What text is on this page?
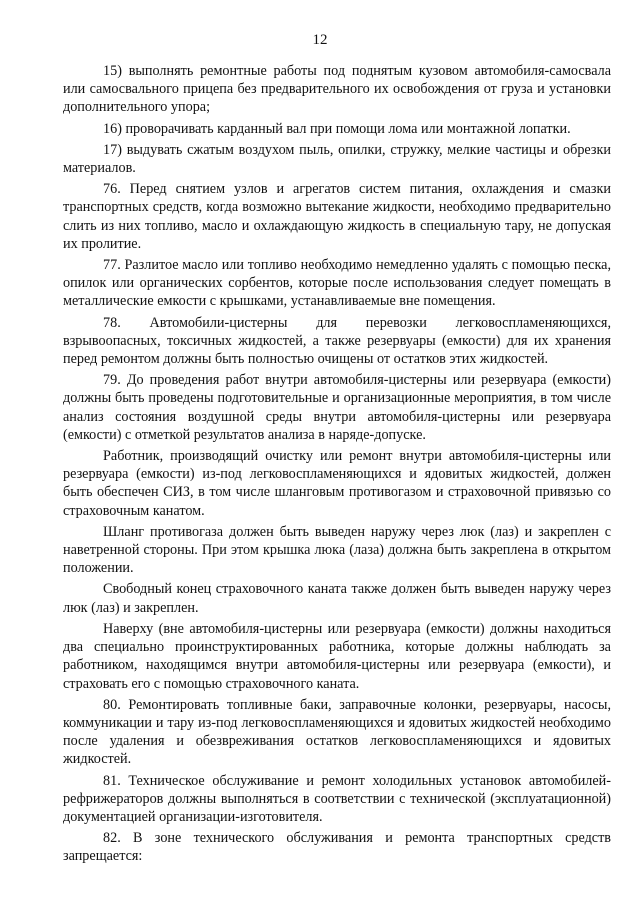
12

15) выполнять ремонтные работы под поднятым кузовом автомобиля-самосвала или самосвального прицепа без предварительного их освобождения от груза и установки дополнительного упора;

16) проворачивать карданный вал при помощи лома или монтажной лопатки.

17) выдувать сжатым воздухом пыль, опилки, стружку, мелкие частицы и обрезки материалов.

76. Перед снятием узлов и агрегатов систем питания, охлаждения и смазки транспортных средств, когда возможно вытекание жидкости, необходимо предварительно слить из них топливо, масло и охлаждающую жидкость в специальную тару, не допуская их пролитие.

77. Разлитое масло или топливо необходимо немедленно удалять с помощью песка, опилок или органических сорбентов, которые после использования следует помещать в металлические емкости с крышками, устанавливаемые вне помещения.

78. Автомобили-цистерны для перевозки легковоспламеняющихся, взрывоопасных, токсичных жидкостей, а также резервуары (емкости) для их хранения перед ремонтом должны быть полностью очищены от остатков этих жидкостей.

79. До проведения работ внутри автомобиля-цистерны или резервуара (емкости) должны быть проведены подготовительные и организационные мероприятия, в том числе анализ состояния воздушной среды внутри автомобиля-цистерны или резервуара (емкости) с отметкой результатов анализа в наряде-допуске.

Работник, производящий очистку или ремонт внутри автомобиля-цистерны или резервуара (емкости) из-под легковоспламеняющихся и ядовитых жидкостей, должен быть обеспечен СИЗ, в том числе шланговым противогазом и страховочной привязью со страховочным канатом.

Шланг противогаза должен быть выведен наружу через люк (лаз) и закреплен с наветренной стороны. При этом крышка люка (лаза) должна быть закреплена в открытом положении.

Свободный конец страховочного каната также должен быть выведен наружу через люк (лаз) и закреплен.

Наверху (вне автомобиля-цистерны или резервуара (емкости) должны находиться два специально проинструктированных работника, которые должны наблюдать за работником, находящимся внутри автомобиля-цистерны или резервуара (емкости), и страховать его с помощью страховочного каната.

80. Ремонтировать топливные баки, заправочные колонки, резервуары, насосы, коммуникации и тару из-под легковоспламеняющихся и ядовитых жидкостей необходимо после удаления и обезвреживания остатков легковоспламеняющихся и ядовитых жидкостей.

81. Техническое обслуживание и ремонт холодильных установок автомобилей-рефрижераторов должны выполняться в соответствии с технической (эксплуатационной) документацией организации-изготовителя.

82. В зоне технического обслуживания и ремонта транспортных средств запрещается:
